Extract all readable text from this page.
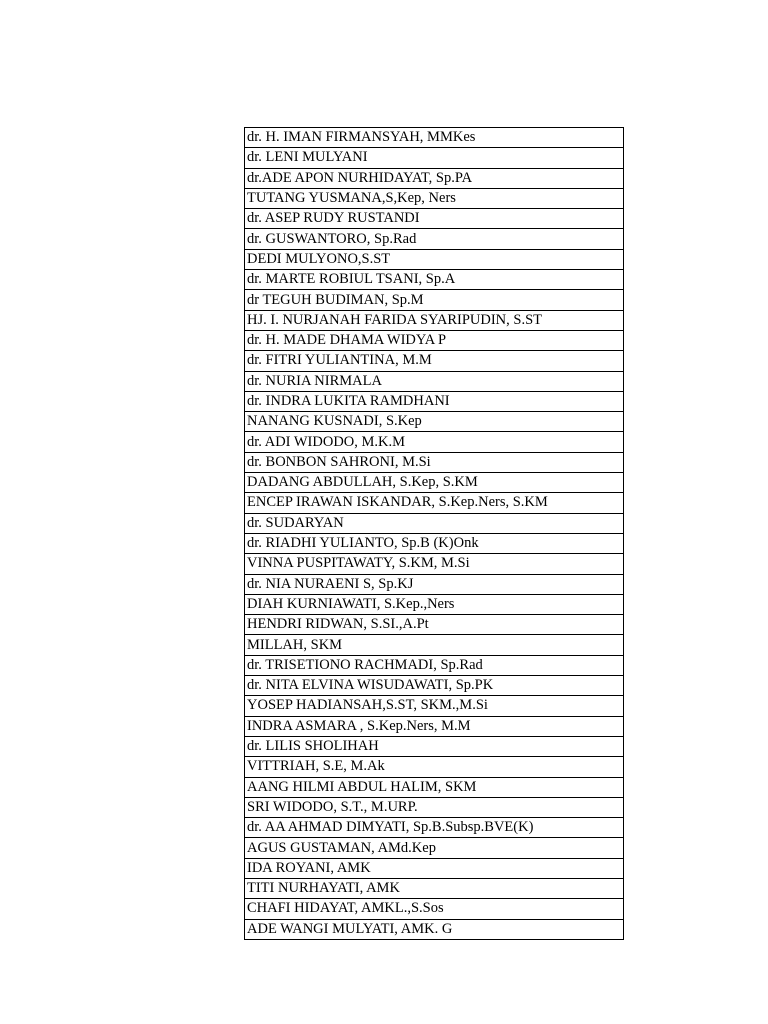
dr. H. IMAN FIRMANSYAH, MMKes
dr. LENI MULYANI
dr.ADE APON NURHIDAYAT, Sp.PA
TUTANG YUSMANA,S,Kep, Ners
dr. ASEP RUDY RUSTANDI
dr. GUSWANTORO, Sp.Rad
DEDI MULYONO,S.ST
dr. MARTE ROBIUL TSANI, Sp.A
dr TEGUH BUDIMAN, Sp.M
HJ. I. NURJANAH FARIDA SYARIPUDIN, S.ST
dr. H. MADE DHAMA WIDYA P
dr. FITRI YULIANTINA, M.M
dr. NURIA NIRMALA
dr. INDRA LUKITA RAMDHANI
NANANG KUSNADI, S.Kep
dr. ADI WIDODO, M.K.M
dr. BONBON SAHRONI, M.Si
DADANG ABDULLAH, S.Kep, S.KM
ENCEP IRAWAN ISKANDAR, S.Kep.Ners, S.KM
dr. SUDARYAN
dr. RIADHI YULIANTO, Sp.B (K)Onk
VINNA PUSPITAWATY, S.KM, M.Si
dr. NIA NURAENI S, Sp.KJ
DIAH KURNIAWATI, S.Kep.,Ners
HENDRI RIDWAN, S.SI.,A.Pt
MILLAH, SKM
dr. TRISETIONO RACHMADI, Sp.Rad
dr. NITA ELVINA WISUDAWATI, Sp.PK
YOSEP HADIANSAH,S.ST, SKM.,M.Si
INDRA ASMARA , S.Kep.Ners, M.M
dr. LILIS SHOLIHAH
VITTRIAH, S.E, M.Ak
AANG HILMI ABDUL HALIM, SKM
SRI WIDODO, S.T., M.URP.
dr. AA AHMAD DIMYATI, Sp.B.Subsp.BVE(K)
AGUS GUSTAMAN, AMd.Kep
IDA ROYANI, AMK
TITI NURHAYATI, AMK
CHAFI HIDAYAT, AMKL.,S.Sos
ADE WANGI MULYATI, AMK. G
